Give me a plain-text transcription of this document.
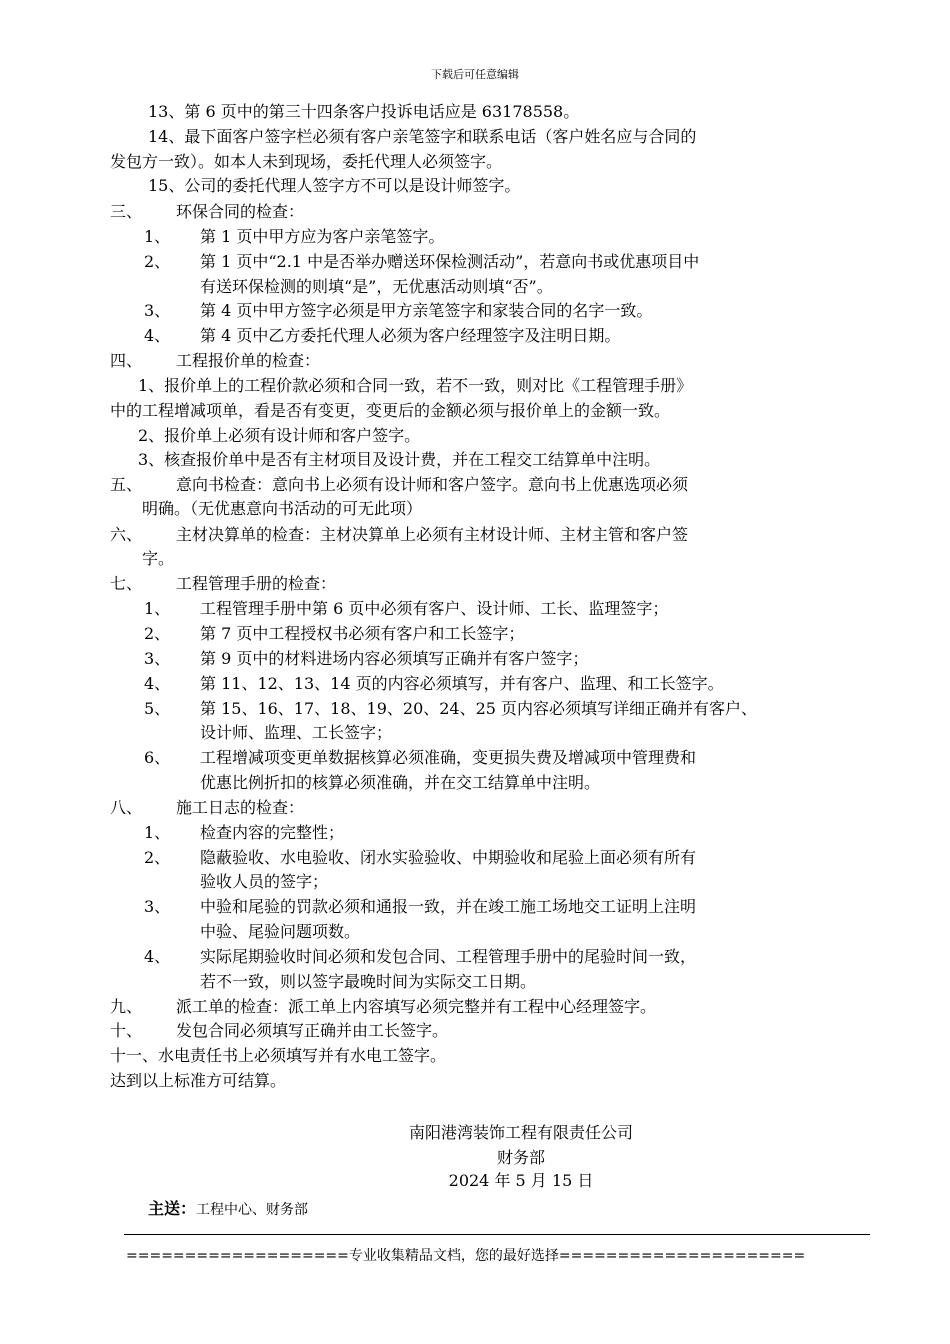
下载后可任意编辑
13、第 6 页中的第三十四条客户投诉电话应是 63178558。
14、最下面客户签字栏必须有客户亲笔签字和联系电话（客户姓名应与合同的
发包方一致）。如本人未到现场，委托代理人必须签字。
15、公司的委托代理人签字方不可以是设计师签字。
三、 环保合同的检查：
1、 第 1 页中甲方应为客户亲笔签字。
2、 第 1 页中“2.1 中是否举办赠送环保检测活动”，若意向书或优惠项目中
有送环保检测的则填“是”，无优惠活动则填“否”。
3、 第 4 页中甲方签字必须是甲方亲笔签字和家装合同的名字一致。
4、 第 4 页中乙方委托代理人必须为客户经理签字及注明日期。
四、 工程报价单的检查：
1、报价单上的工程价款必须和合同一致，若不一致，则对比《工程管理手册》
中的工程增减项单，看是否有变更，变更后的金额必须与报价单上的金额一致。
2、报价单上必须有设计师和客户签字。
3、核查报价单中是否有主材项目及设计费，并在工程交工结算单中注明。
五、 意向书检查：意向书上必须有设计师和客户签字。意向书上优惠选项必须
明确。（无优惠意向书活动的可无此项）
六、 主材决算单的检查：主材决算单上必须有主材设计师、主材主管和客户签
字。
七、 工程管理手册的检查：
1、 工程管理手册中第 6 页中必须有客户、设计师、工长、监理签字；
2、 第 7 页中工程授权书必须有客户和工长签字；
3、 第 9 页中的材料进场内容必须填写正确并有客户签字；
4、 第 11、12、13、14 页的内容必须填写，并有客户、监理、和工长签字。
5、 第 15、16、17、18、19、20、24、25 页内容必须填写详细正确并有客户、
设计师、监理、工长签字；
6、 工程增减项变更单数据核算必须准确，变更损失费及增减项中管理费和
优惠比例折扣的核算必须准确，并在交工结算单中注明。
八、 施工日志的检查：
1、 检查内容的完整性；
2、 隐蔽验收、水电验收、闭水实验验收、中期验收和尾验上面必须有所有
验收人员的签字；
3、 中验和尾验的罚款必须和通报一致，并在竣工施工场地交工证明上注明
中验、尾验问题项数。
4、 实际尾期验收时间必须和发包合同、工程管理手册中的尾验时间一致，
若不一致，则以签字最晚时间为实际交工日期。
九、 派工单的检查：派工单上内容填写必须完整并有工程中心经理签字。
十、 发包合同必须填写正确并由工长签字。
十一、水电责任书上必须填写并有水电工签字。
达到以上标准方可结算。
南阳港湾装饰工程有限责任公司
财务部
2024 年 5 月 15 日
主送：工程中心、财务部
===================专业收集精品文档，您的最好选择=====================
